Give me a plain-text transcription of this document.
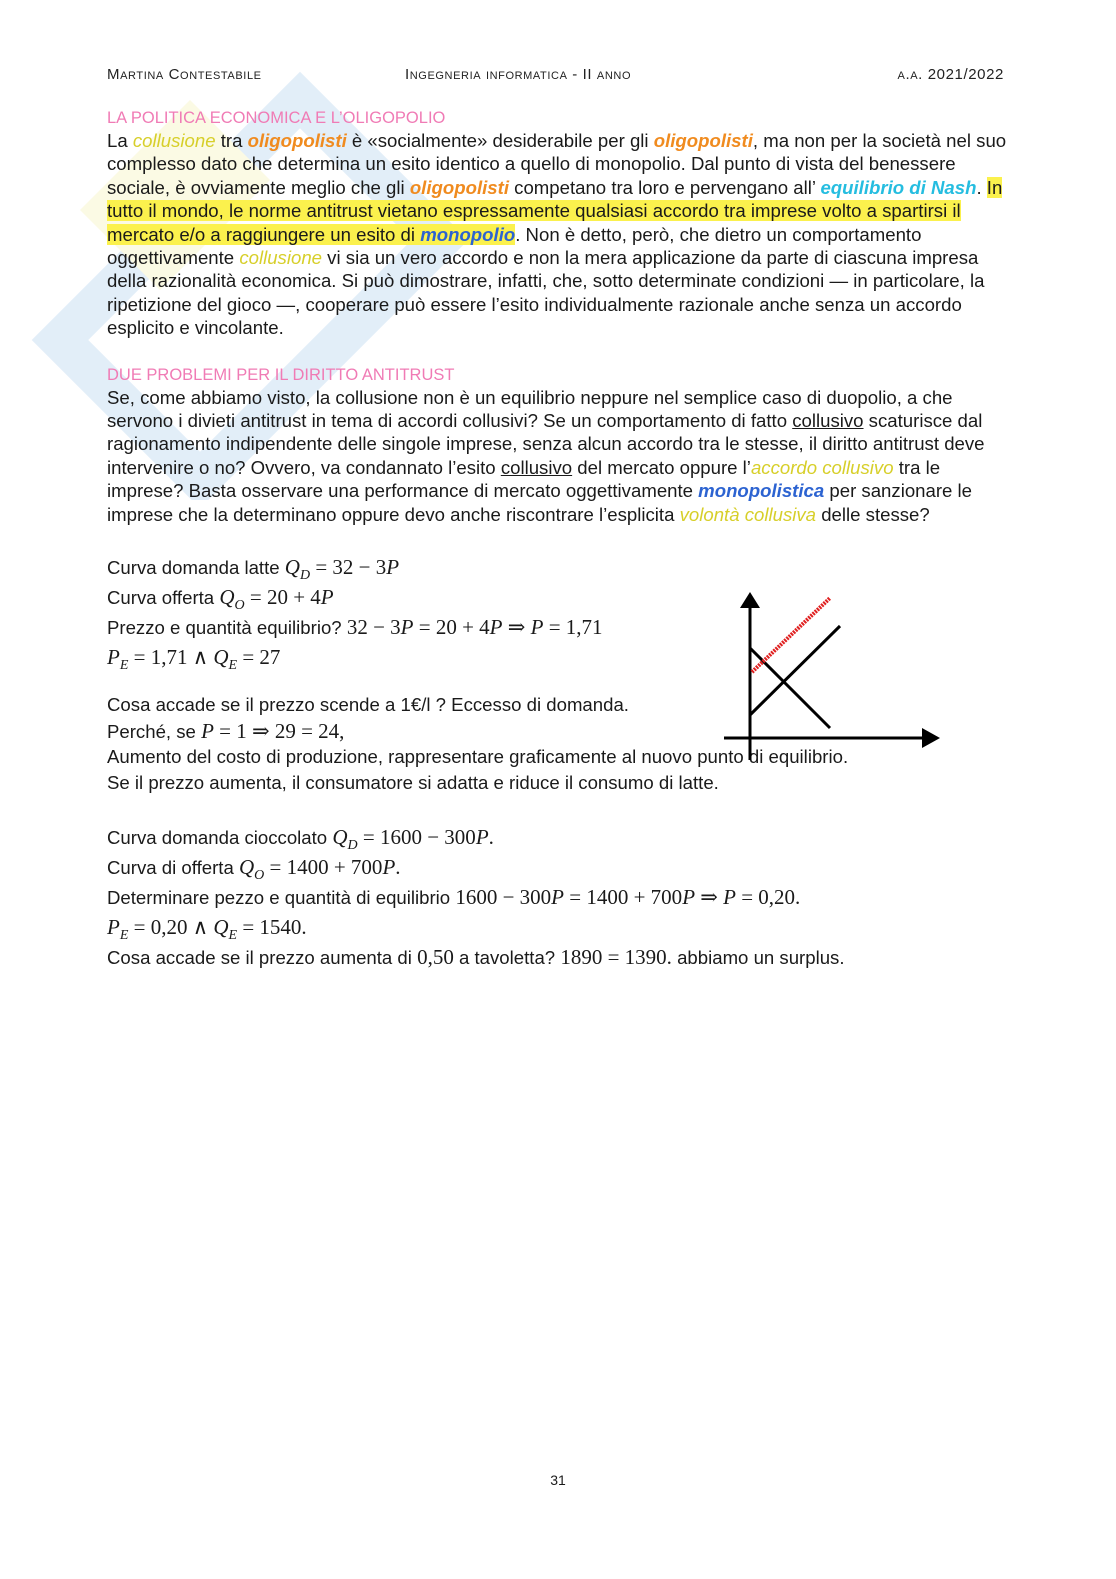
Martina Contestabile	Ingegneria informatica - II anno	a.a. 2021/2022
LA POLITICA ECONOMICA E L’OLIGOPOLIO

La collusione tra oligopolisti è «socialmente» desiderabile per gli oligopolisti, ma non per la società nel suo complesso dato che determina un esito identico a quello di monopolio. Dal punto di vista del benessere sociale, è ovviamente meglio che gli oligopolisti competano tra loro e pervengano all’ equilibrio di Nash. In tutto il mondo, le norme antitrust vietano espressamente qualsiasi accordo tra imprese volto a spartirsi il mercato e/o a raggiungere un esito di monopolio. Non è detto, però, che dietro un comportamento oggettivamente collusione vi sia un vero accordo e non la mera applicazione da parte di ciascuna impresa della razionalità economica. Si può dimostrare, infatti, che, sotto determinate condizioni — in particolare, la ripetizione del gioco —, cooperare può essere l’esito individualmente razionale anche senza un accordo esplicito e vincolante.

DUE PROBLEMI PER IL DIRITTO ANTITRUST

Se, come abbiamo visto, la collusione non è un equilibrio neppure nel semplice caso di duopolio, a che servono i divieti antitrust in tema di accordi collusivi? Se un comportamento di fatto collusivo scaturisce dal ragionamento indipendente delle singole imprese, senza alcun accordo tra le stesse, il diritto antitrust deve intervenire o no? Ovvero, va condannato l’esito collusivo del mercato oppure l’accordo collusivo tra le imprese? Basta osservare una performance di mercato oggettivamente monopolistica per sanzionare le imprese che la determinano oppure devo anche riscontrare l’esplicita volontà collusiva delle stesse?

Curva domanda latte $Q_D = 32 - 3P$
Curva offerta $Q_O = 20 + 4P$
Prezzo e quantità equilibrio? 32 − 3P = 20 + 4P ⇒ P = 1,71
$P_E = 1,71$ ∧ $Q_E = 27$
Cosa accade se il prezzo scende a 1€/l ? Eccesso di domanda.
Perché, se P = 1 ⇒ 29 = 24,
Aumento del costo di produzione, rappresentare graficamente al nuovo punto di equilibrio.
Se il prezzo aumenta, il consumatore si adatta e riduce il consumo di latte.
Curva domanda cioccolato $Q_D = 1600 - 300P$.
Curva di offerta $Q_O = 1400 + 700P$.
Determinare pezzo e quantità di equilibrio 1600 − 300P = 1400 + 700P ⇒ P = 0,20.
$P_E = 0,20$ ∧ $Q_E = 1540$.
Cosa accade se il prezzo aumenta di 0,50 a tavoletta? 1890 = 1390. abbiamo un surplus.
31
